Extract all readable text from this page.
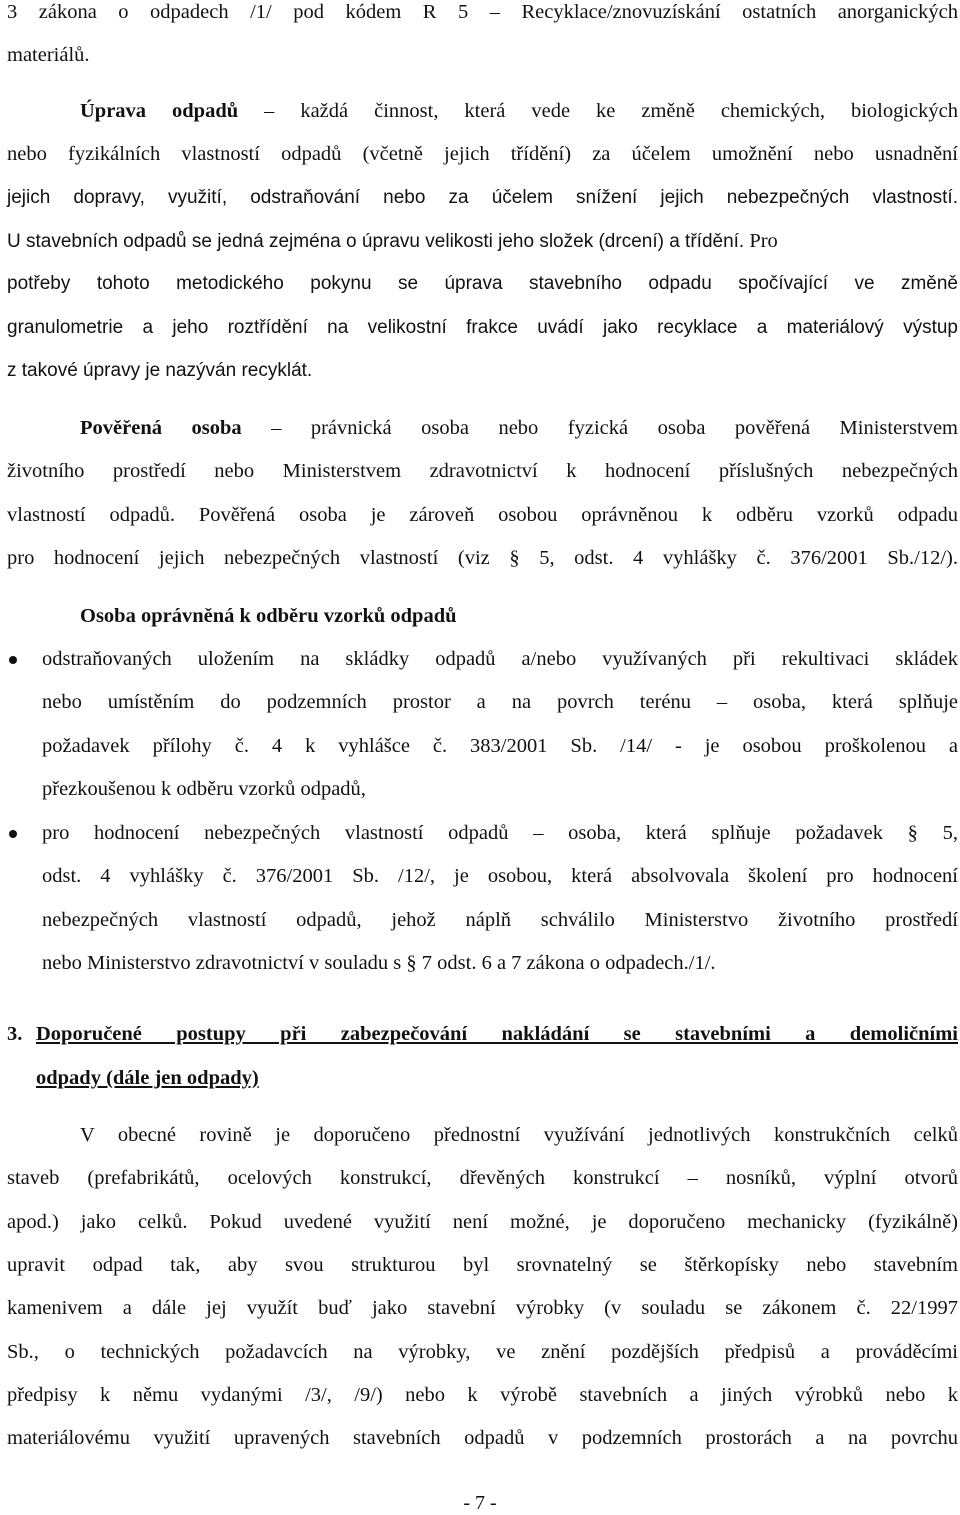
3 zákona o odpadech /1/ pod kódem R 5 – Recyklace/znovuzískání ostatních anorganických
materiálů.
Úprava odpadů – každá činnost, která vede ke změně chemických, biologických
nebo fyzikálních vlastností odpadů (včetně jejich třídění) za účelem umožnění nebo usnadnění
jejich dopravy, využití, odstraňování nebo za účelem snížení jejich nebezpečných vlastností.
U stavebních odpadů se jedná zejména o úpravu velikosti jeho složek (drcení) a třídění. Pro
potřeby tohoto metodického pokynu se úprava stavebního odpadu spočívající ve změně
granulometrie a jeho roztřídění na velikostní frakce uvádí jako recyklace a materiálový výstup
z takové úpravy je nazýván recyklát.
Pověřená osoba – právnická osoba nebo fyzická osoba pověřená Ministerstvem
životního prostředí nebo Ministerstvem zdravotnictví k hodnocení příslušných nebezpečných
vlastností odpadů. Pověřená osoba je zároveň osobou oprávněnou k odběru vzorků odpadu
pro hodnocení jejich nebezpečných vlastností (viz § 5, odst. 4 vyhlášky č. 376/2001 Sb./12/).
Osoba oprávněná k odběru vzorků odpadů
odstraňovaných uložením na skládky odpadů a/nebo využívaných při rekultivaci skládek
nebo umístěním do podzemních prostor a na povrch terénu – osoba, která splňuje
požadavek přílohy č. 4 k vyhlášce č. 383/2001 Sb. /14/ - je osobou proškolenou a
přezkoušenou k odběru vzorků odpadů,
pro hodnocení nebezpečných vlastností odpadů – osoba, která splňuje požadavek § 5,
odst. 4 vyhlášky č. 376/2001 Sb. /12/, je osobou, která absolvovala školení pro hodnocení
nebezpečných vlastností odpadů, jehož náplň schválilo Ministerstvo životního prostředí
nebo Ministerstvo zdravotnictví v souladu s § 7 odst. 6 a 7 zákona o odpadech./1/.
3. Doporučené postupy při zabezpečování nakládání se stavebními a demoličními
odpady (dále jen odpady)
V obecné rovině je doporučeno přednostní využívání jednotlivých konstrukčních celků
staveb (prefabrikátů, ocelových konstrukcí, dřevěných konstrukcí – nosníků, výplní otvorů
apod.) jako celků. Pokud uvedené využití není možné, je doporučeno mechanicky (fyzikálně)
upravit odpad tak, aby svou strukturou byl srovnatelný se štěrkopísky nebo stavebním
kamenivem a dále jej využít buď jako stavební výrobky (v souladu se zákonem č. 22/1997
Sb., o technických požadavcích na výrobky, ve znění pozdějších předpisů a prováděcími
předpisy k němu vydanými /3/, /9/) nebo k výrobě stavebních a jiných výrobků nebo k
materiálovému využití upravených stavebních odpadů v podzemních prostorách a na povrchu
- 7 -
